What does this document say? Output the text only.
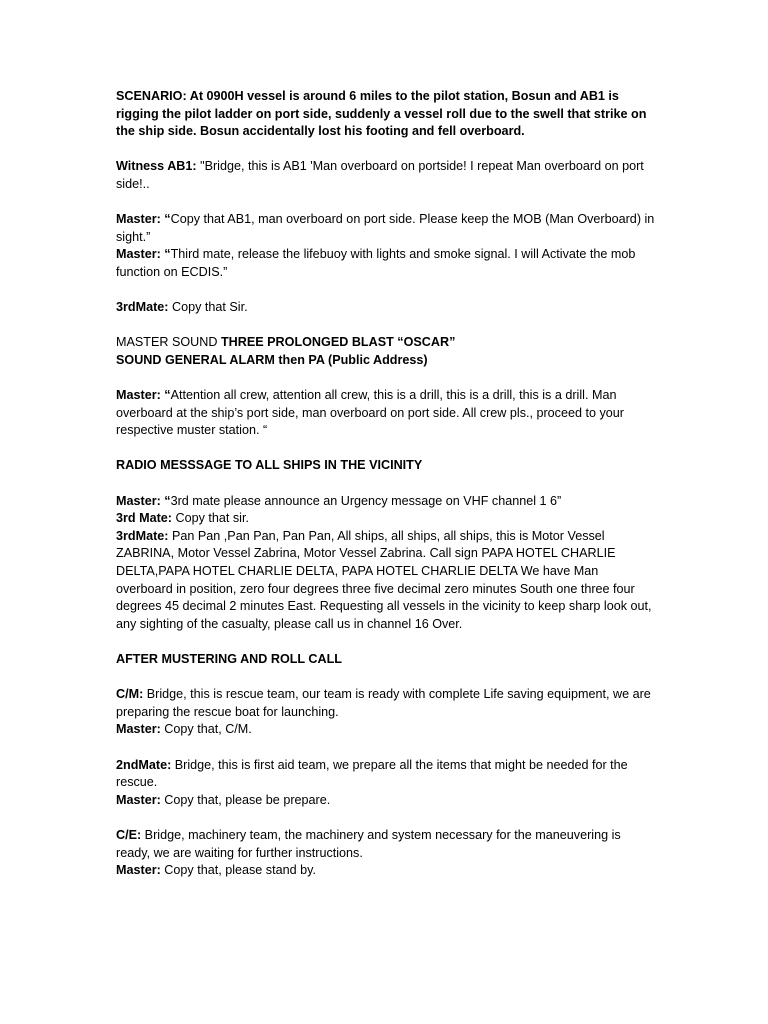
SCENARIO: At 0900H vessel is around 6 miles to the pilot station, Bosun and AB1 is rigging the pilot ladder on port side, suddenly a vessel roll due to the swell that strike on the ship side. Bosun accidentally lost his footing and fell overboard.

Witness AB1: "Bridge, this is AB1 'Man overboard on portside! I repeat Man overboard on port side!..

Master: “Copy that AB1, man overboard on port side. Please keep the MOB (Man Overboard) in sight.”
Master: “Third mate, release the lifebuoy with lights and smoke signal. I will Activate the mob function on ECDIS.”

3rdMate: Copy that Sir.

MASTER SOUND THREE PROLONGED BLAST “OSCAR”
SOUND GENERAL ALARM then PA (Public Address)

Master: “Attention all crew, attention all crew, this is a drill, this is a drill, this is a drill. Man overboard at the ship’s port side, man overboard on port side. All crew pls., proceed to your respective muster station. “

RADIO MESSSAGE TO ALL SHIPS IN THE VICINITY

Master: “3rd mate please announce an Urgency message on VHF channel 1 6”
3rd Mate: Copy that sir.
3rdMate: Pan Pan ,Pan Pan, Pan Pan, All ships, all ships, all ships, this is Motor Vessel ZABRINA, Motor Vessel Zabrina, Motor Vessel Zabrina. Call sign PAPA HOTEL CHARLIE DELTA,PAPA HOTEL CHARLIE DELTA, PAPA HOTEL CHARLIE DELTA We have Man overboard in position, zero four degrees three five decimal zero minutes South one three four degrees 45 decimal 2 minutes East. Requesting all vessels in the vicinity to keep sharp look out, any sighting of the casualty, please call us in channel 16 Over.

AFTER MUSTERING AND ROLL CALL

C/M: Bridge, this is rescue team, our team is ready with complete Life saving equipment, we are preparing the rescue boat for launching.
Master: Copy that, C/M.

2ndMate: Bridge, this is first aid team, we prepare all the items that might be needed for the rescue.
Master: Copy that, please be prepare.

C/E: Bridge, machinery team, the machinery and system necessary for the maneuvering is ready, we are waiting for further instructions.
Master: Copy that, please stand by.
